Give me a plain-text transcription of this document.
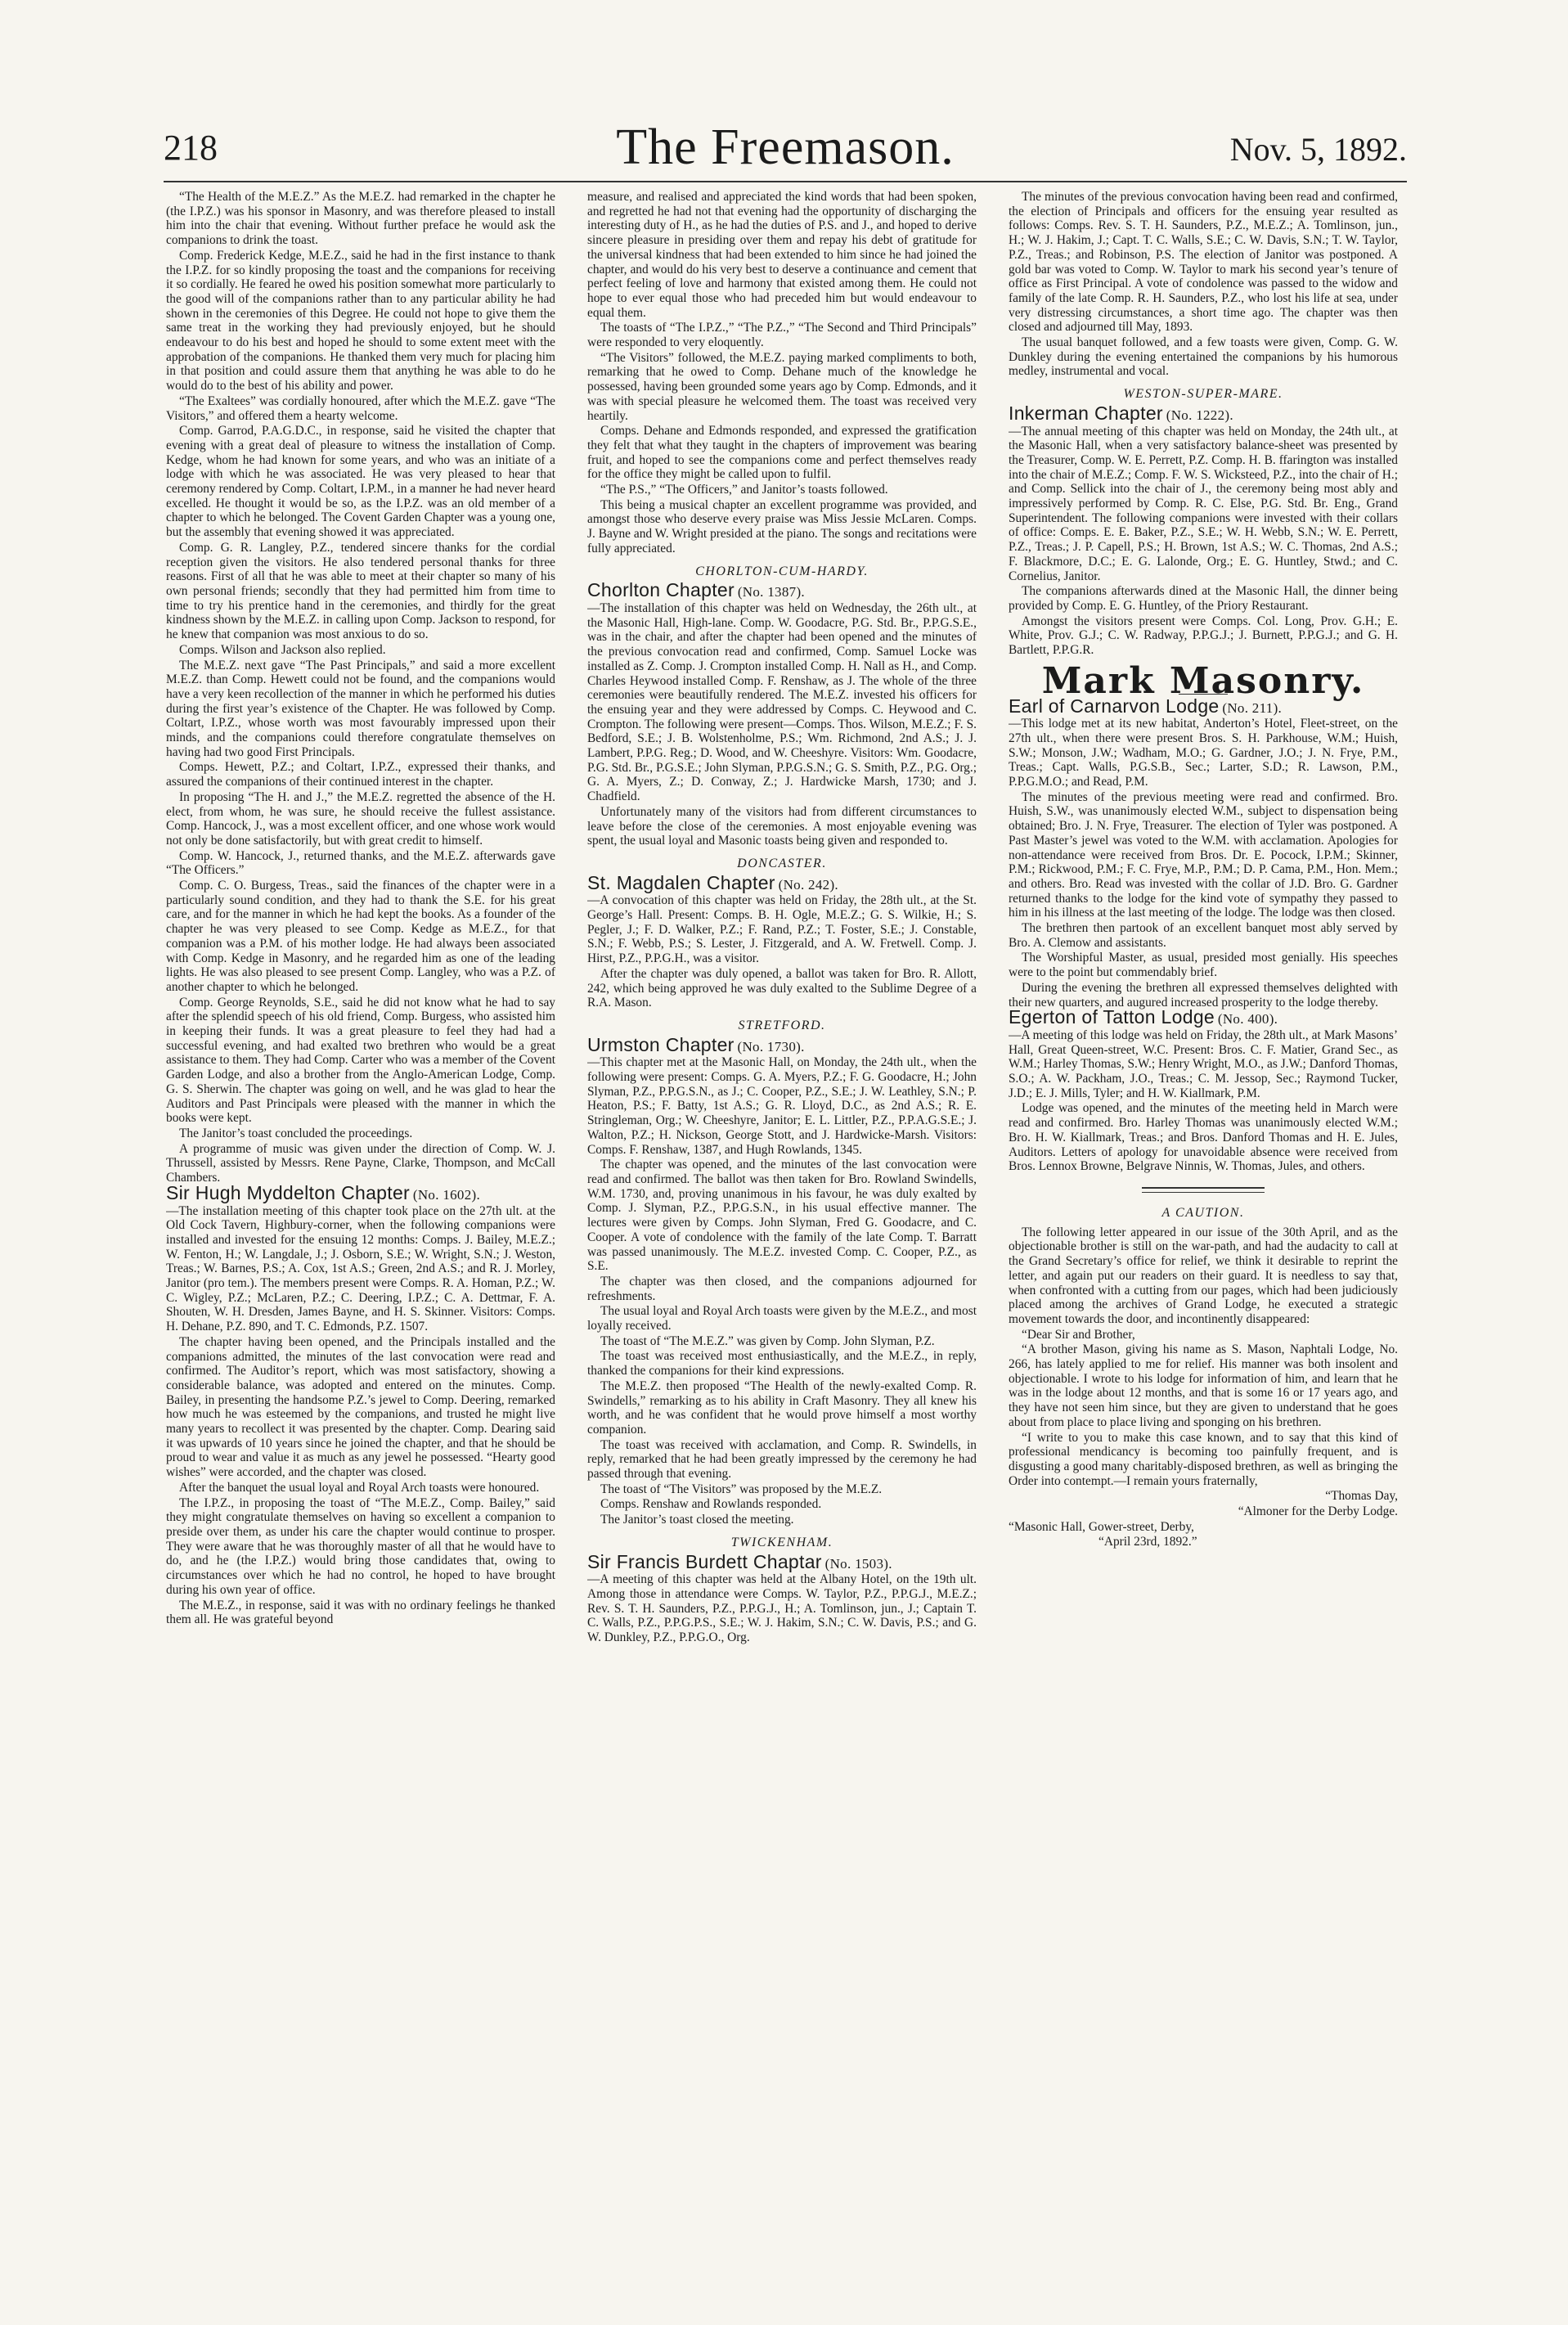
218	The Freemason.	Nov. 5, 1892.

“The Health of the M.E.Z.” As the M.E.Z. had remarked in the chapter he (the I.P.Z.) was his sponsor in Masonry, and was therefore pleased to install him into the chair that evening. Without further preface he would ask the companions to drink the toast.

Comp. Frederick Kedge, M.E.Z., said he had in the first instance to thank the I.P.Z. for so kindly proposing the toast and the companions for receiving it so cordially. He feared he owed his position somewhat more particularly to the good will of the companions rather than to any particular ability he had shown in the ceremonies of this Degree. He could not hope to give them the same treat in the working they had previously enjoyed, but he should endeavour to do his best and hoped he should to some extent meet with the approbation of the companions. He thanked them very much for placing him in that position and could assure them that anything he was able to do he would do to the best of his ability and power.

“The Exaltees” was cordially honoured, after which the M.E.Z. gave “The Visitors,” and offered them a hearty welcome.

Comp. Garrod, P.A.G.D.C., in response, said he visited the chapter that evening with a great deal of pleasure to witness the installation of Comp. Kedge, whom he had known for some years, and who was an initiate of a lodge with which he was associated. He was very pleased to hear that ceremony rendered by Comp. Coltart, I.P.M., in a manner he had never heard excelled. He thought it would be so, as the I.P.Z. was an old member of a chapter to which he belonged. The Covent Garden Chapter was a young one, but the assembly that evening showed it was appreciated.

Comp. G. R. Langley, P.Z., tendered sincere thanks for the cordial reception given the visitors. He also tendered personal thanks for three reasons. First of all that he was able to meet at their chapter so many of his own personal friends; secondly that they had permitted him from time to time to try his prentice hand in the ceremonies, and thirdly for the great kindness shown by the M.E.Z. in calling upon Comp. Jackson to respond, for he knew that companion was most anxious to do so.

Comps. Wilson and Jackson also replied.

The M.E.Z. next gave “The Past Principals,” and said a more excellent M.E.Z. than Comp. Hewett could not be found, and the companions would have a very keen recollection of the manner in which he performed his duties during the first year’s existence of the Chapter. He was followed by Comp. Coltart, I.P.Z., whose worth was most favourably impressed upon their minds, and the companions could therefore congratulate themselves on having had two good First Principals.

Comps. Hewett, P.Z.; and Coltart, I.P.Z., expressed their thanks, and assured the companions of their continued interest in the chapter.

In proposing “The H. and J.,” the M.E.Z. regretted the absence of the H. elect, from whom, he was sure, he should receive the fullest assistance. Comp. Hancock, J., was a most excellent officer, and one whose work would not only be done satisfactorily, but with great credit to himself.

Comp. W. Hancock, J., returned thanks, and the M.E.Z. afterwards gave “The Officers.”

Comp. C. O. Burgess, Treas., said the finances of the chapter were in a particularly sound condition, and they had to thank the S.E. for his great care, and for the manner in which he had kept the books. As a founder of the chapter he was very pleased to see Comp. Kedge as M.E.Z., for that companion was a P.M. of his mother lodge. He had always been associated with Comp. Kedge in Masonry, and he regarded him as one of the leading lights. He was also pleased to see present Comp. Langley, who was a P.Z. of another chapter to which he belonged.

Comp. George Reynolds, S.E., said he did not know what he had to say after the splendid speech of his old friend, Comp. Burgess, who assisted him in keeping their funds. It was a great pleasure to feel they had had a successful evening, and had exalted two brethren who would be a great assistance to them. They had Comp. Carter who was a member of the Covent Garden Lodge, and also a brother from the Anglo-American Lodge, Comp. G. S. Sherwin. The chapter was going on well, and he was glad to hear the Auditors and Past Principals were pleased with the manner in which the books were kept.

The Janitor’s toast concluded the proceedings.

A programme of music was given under the direction of Comp. W. J. Thrussell, assisted by Messrs. Rene Payne, Clarke, Thompson, and McCall Chambers.

Sir Hugh Myddelton Chapter (No. 1602).

—The installation meeting of this chapter took place on the 27th ult. at the Old Cock Tavern, Highbury-corner, when the following companions were installed and invested for the ensuing 12 months: Comps. J. Bailey, M.E.Z.; W. Fenton, H.; W. Langdale, J.; J. Osborn, S.E.; W. Wright, S.N.; J. Weston, Treas.; W. Barnes, P.S.; A. Cox, 1st A.S.; Green, 2nd A.S.; and R. J. Morley, Janitor (pro tem.). The members present were Comps. R. A. Homan, P.Z.; W. C. Wigley, P.Z.; McLaren, P.Z.; C. Deering, I.P.Z.; C. A. Dettmar, F. A. Shouten, W. H. Dresden, James Bayne, and H. S. Skinner. Visitors: Comps. H. Dehane, P.Z. 890, and T. C. Edmonds, P.Z. 1507.

The chapter having been opened, and the Principals installed and the companions admitted, the minutes of the last convocation were read and confirmed. The Auditor’s report, which was most satisfactory, showing a considerable balance, was adopted and entered on the minutes. Comp. Bailey, in presenting the handsome P.Z.’s jewel to Comp. Deering, remarked how much he was esteemed by the companions, and trusted he might live many years to recollect it was presented by the chapter. Comp. Dearing said it was upwards of 10 years since he joined the chapter, and that he should be proud to wear and value it as much as any jewel he possessed. “Hearty good wishes” were accorded, and the chapter was closed.

After the banquet the usual loyal and Royal Arch toasts were honoured.

The I.P.Z., in proposing the toast of “The M.E.Z., Comp. Bailey,” said they might congratulate themselves on having so excellent a companion to preside over them, as under his care the chapter would continue to prosper. They were aware that he was thoroughly master of all that he would have to do, and he (the I.P.Z.) would bring those candidates that, owing to circumstances over which he had no control, he hoped to have brought during his own year of office.

The M.E.Z., in response, said it was with no ordinary feelings he thanked them all. He was grateful beyond

measure, and realised and appreciated the kind words that had been spoken, and regretted he had not that evening had the opportunity of discharging the interesting duty of H., as he had the duties of P.S. and J., and hoped to derive sincere pleasure in presiding over them and repay his debt of gratitude for the universal kindness that had been extended to him since he had joined the chapter, and would do his very best to deserve a continuance and cement that perfect feeling of love and harmony that existed among them. He could not hope to ever equal those who had preceded him but would endeavour to equal them.

The toasts of “The I.P.Z.,” “The P.Z.,” “The Second and Third Principals” were responded to very eloquently.

“The Visitors” followed, the M.E.Z. paying marked compliments to both, remarking that he owed to Comp. Dehane much of the knowledge he possessed, having been grounded some years ago by Comp. Edmonds, and it was with special pleasure he welcomed them. The toast was received very heartily.

Comps. Dehane and Edmonds responded, and expressed the gratification they felt that what they taught in the chapters of improvement was bearing fruit, and hoped to see the companions come and perfect themselves ready for the office they might be called upon to fulfil.

“The P.S.,” “The Officers,” and Janitor’s toasts followed.

This being a musical chapter an excellent programme was provided, and amongst those who deserve every praise was Miss Jessie McLaren. Comps. J. Bayne and W. Wright presided at the piano. The songs and recitations were fully appreciated.

CHORLTON-CUM-HARDY.

Chorlton Chapter (No. 1387).

—The installation of this chapter was held on Wednesday, the 26th ult., at the Masonic Hall, High-lane. Comp. W. Goodacre, P.G. Std. Br., P.P.G.S.E., was in the chair, and after the chapter had been opened and the minutes of the previous convocation read and confirmed, Comp. Samuel Locke was installed as Z. Comp. J. Crompton installed Comp. H. Nall as H., and Comp. Charles Heywood installed Comp. F. Renshaw, as J. The whole of the three ceremonies were beautifully rendered. The M.E.Z. invested his officers for the ensuing year and they were addressed by Comps. C. Heywood and C. Crompton. The following were present—Comps. Thos. Wilson, M.E.Z.; F. S. Bedford, S.E.; J. B. Wolstenholme, P.S.; Wm. Richmond, 2nd A.S.; J. J. Lambert, P.P.G. Reg.; D. Wood, and W. Cheeshyre. Visitors: Wm. Goodacre, P.G. Std. Br., P.G.S.E.; John Slyman, P.P.G.S.N.; G. S. Smith, P.Z., P.G. Org.; G. A. Myers, Z.; D. Conway, Z.; J. Hardwicke Marsh, 1730; and J. Chadfield.

Unfortunately many of the visitors had from different circumstances to leave before the close of the ceremonies. A most enjoyable evening was spent, the usual loyal and Masonic toasts being given and responded to.

DONCASTER.

St. Magdalen Chapter (No. 242).

—A convocation of this chapter was held on Friday, the 28th ult., at the St. George’s Hall. Present: Comps. B. H. Ogle, M.E.Z.; G. S. Wilkie, H.; S. Pegler, J.; F. D. Walker, P.Z.; F. Rand, P.Z.; T. Foster, S.E.; J. Constable, S.N.; F. Webb, P.S.; S. Lester, J. Fitzgerald, and A. W. Fretwell. Comp. J. Hirst, P.Z., P.P.G.H., was a visitor.

After the chapter was duly opened, a ballot was taken for Bro. R. Allott, 242, which being approved he was duly exalted to the Sublime Degree of a R.A. Mason.

STRETFORD.

Urmston Chapter (No. 1730).

—This chapter met at the Masonic Hall, on Monday, the 24th ult., when the following were present: Comps. G. A. Myers, P.Z.; F. G. Goodacre, H.; John Slyman, P.Z., P.P.G.S.N., as J.; C. Cooper, P.Z., S.E.; J. W. Leathley, S.N.; P. Heaton, P.S.; F. Batty, 1st A.S.; G. R. Lloyd, D.C., as 2nd A.S.; R. E. Stringleman, Org.; W. Cheeshyre, Janitor; E. L. Littler, P.Z., P.P.A.G.S.E.; J. Walton, P.Z.; H. Nickson, George Stott, and J. Hardwicke-Marsh. Visitors: Comps. F. Renshaw, 1387, and Hugh Rowlands, 1345.

The chapter was opened, and the minutes of the last convocation were read and confirmed. The ballot was then taken for Bro. Rowland Swindells, W.M. 1730, and, proving unanimous in his favour, he was duly exalted by Comp. J. Slyman, P.Z., P.P.G.S.N., in his usual effective manner. The lectures were given by Comps. John Slyman, Fred G. Goodacre, and C. Cooper. A vote of condolence with the family of the late Comp. T. Barratt was passed unanimously. The M.E.Z. invested Comp. C. Cooper, P.Z., as S.E.

The chapter was then closed, and the companions adjourned for refreshments.

The usual loyal and Royal Arch toasts were given by the M.E.Z., and most loyally received.

The toast of “The M.E.Z.” was given by Comp. John Slyman, P.Z.

The toast was received most enthusiastically, and the M.E.Z., in reply, thanked the companions for their kind expressions.

The M.E.Z. then proposed “The Health of the newly-exalted Comp. R. Swindells,” remarking as to his ability in Craft Masonry. They all knew his worth, and he was confident that he would prove himself a most worthy companion.

The toast was received with acclamation, and Comp. R. Swindells, in reply, remarked that he had been greatly impressed by the ceremony he had passed through that evening.

The toast of “The Visitors” was proposed by the M.E.Z.

Comps. Renshaw and Rowlands responded.

The Janitor’s toast closed the meeting.

TWICKENHAM.

Sir Francis Burdett Chaptar (No. 1503).

—A meeting of this chapter was held at the Albany Hotel, on the 19th ult. Among those in attendance were Comps. W. Taylor, P.Z., P.P.G.J., M.E.Z.; Rev. S. T. H. Saunders, P.Z., P.P.G.J., H.; A. Tomlinson, jun., J.; Captain T. C. Walls, P.Z., P.P.G.P.S., S.E.; W. J. Hakim, S.N.; C. W. Davis, P.S.; and G. W. Dunkley, P.Z., P.P.G.O., Org.

The minutes of the previous convocation having been read and confirmed, the election of Principals and officers for the ensuing year resulted as follows: Comps. Rev. S. T. H. Saunders, P.Z., M.E.Z.; A. Tomlinson, jun., H.; W. J. Hakim, J.; Capt. T. C. Walls, S.E.; C. W. Davis, S.N.; T. W. Taylor, P.Z., Treas.; and Robinson, P.S. The election of Janitor was postponed. A gold bar was voted to Comp. W. Taylor to mark his second year’s tenure of office as First Principal. A vote of condolence was passed to the widow and family of the late Comp. R. H. Saunders, P.Z., who lost his life at sea, under very distressing circumstances, a short time ago. The chapter was then closed and adjourned till May, 1893.

The usual banquet followed, and a few toasts were given, Comp. G. W. Dunkley during the evening entertained the companions by his humorous medley, instrumental and vocal.

WESTON-SUPER-MARE.

Inkerman Chapter (No. 1222).

—The annual meeting of this chapter was held on Monday, the 24th ult., at the Masonic Hall, when a very satisfactory balance-sheet was presented by the Treasurer, Comp. W. E. Perrett, P.Z. Comp. H. B. ffarington was installed into the chair of M.E.Z.; Comp. F. W. S. Wicksteed, P.Z., into the chair of H.; and Comp. Sellick into the chair of J., the ceremony being most ably and impressively performed by Comp. R. C. Else, P.G. Std. Br. Eng., Grand Superintendent. The following companions were invested with their collars of office: Comps. E. E. Baker, P.Z., S.E.; W. H. Webb, S.N.; W. E. Perrett, P.Z., Treas.; J. P. Capell, P.S.; H. Brown, 1st A.S.; W. C. Thomas, 2nd A.S.; F. Blackmore, D.C.; E. G. Lalonde, Org.; E. G. Huntley, Stwd.; and C. Cornelius, Janitor.

The companions afterwards dined at the Masonic Hall, the dinner being provided by Comp. E. G. Huntley, of the Priory Restaurant.

Amongst the visitors present were Comps. Col. Long, Prov. G.H.; E. White, Prov. G.J.; C. W. Radway, P.P.G.J.; J. Burnett, P.P.G.J.; and G. H. Bartlett, P.P.G.R.

Mark Masonry.

Earl of Carnarvon Lodge (No. 211).

—This lodge met at its new habitat, Anderton’s Hotel, Fleet-street, on the 27th ult., when there were present Bros. S. H. Parkhouse, W.M.; Huish, S.W.; Monson, J.W.; Wadham, M.O.; G. Gardner, J.O.; J. N. Frye, P.M., Treas.; Capt. Walls, P.G.S.B., Sec.; Larter, S.D.; R. Lawson, P.M., P.P.G.M.O.; and Read, P.M.

The minutes of the previous meeting were read and confirmed. Bro. Huish, S.W., was unanimously elected W.M., subject to dispensation being obtained; Bro. J. N. Frye, Treasurer. The election of Tyler was postponed. A Past Master’s jewel was voted to the W.M. with acclamation. Apologies for non-attendance were received from Bros. Dr. E. Pocock, I.P.M.; Skinner, P.M.; Rickwood, P.M.; F. C. Frye, M.P., P.M.; D. P. Cama, P.M., Hon. Mem.; and others. Bro. Read was invested with the collar of J.D. Bro. G. Gardner returned thanks to the lodge for the kind vote of sympathy they passed to him in his illness at the last meeting of the lodge. The lodge was then closed.

The brethren then partook of an excellent banquet most ably served by Bro. A. Clemow and assistants.

The Worshipful Master, as usual, presided most genially. His speeches were to the point but commendably brief.

During the evening the brethren all expressed themselves delighted with their new quarters, and augured increased prosperity to the lodge thereby.

Egerton of Tatton Lodge (No. 400).

—A meeting of this lodge was held on Friday, the 28th ult., at Mark Masons’ Hall, Great Queen-street, W.C. Present: Bros. C. F. Matier, Grand Sec., as W.M.; Harley Thomas, S.W.; Henry Wright, M.O., as J.W.; Danford Thomas, S.O.; A. W. Packham, J.O., Treas.; C. M. Jessop, Sec.; Raymond Tucker, J.D.; E. J. Mills, Tyler; and H. W. Kiallmark, P.M.

Lodge was opened, and the minutes of the meeting held in March were read and confirmed. Bro. Harley Thomas was unanimously elected W.M.; Bro. H. W. Kiallmark, Treas.; and Bros. Danford Thomas and H. E. Jules, Auditors. Letters of apology for unavoidable absence were received from Bros. Lennox Browne, Belgrave Ninnis, W. Thomas, Jules, and others.

A CAUTION.

The following letter appeared in our issue of the 30th April, and as the objectionable brother is still on the war-path, and had the audacity to call at the Grand Secretary’s office for relief, we think it desirable to reprint the letter, and again put our readers on their guard. It is needless to say that, when confronted with a cutting from our pages, which had been judiciously placed among the archives of Grand Lodge, he executed a strategic movement towards the door, and incontinently disappeared:

“Dear Sir and Brother,

“A brother Mason, giving his name as S. Mason, Naphtali Lodge, No. 266, has lately applied to me for relief. His manner was both insolent and objectionable. I wrote to his lodge for information of him, and learn that he was in the lodge about 12 months, and that is some 16 or 17 years ago, and they have not seen him since, but they are given to understand that he goes about from place to place living and sponging on his brethren.

“I write to you to make this case known, and to say that this kind of professional mendicancy is becoming too painfully frequent, and is disgusting a good many charitably-disposed brethren, as well as bringing the Order into contempt.—I remain yours fraternally,

“Thomas Day,

“Almoner for the Derby Lodge.

“Masonic Hall, Gower-street, Derby,

“April 23rd, 1892.”
